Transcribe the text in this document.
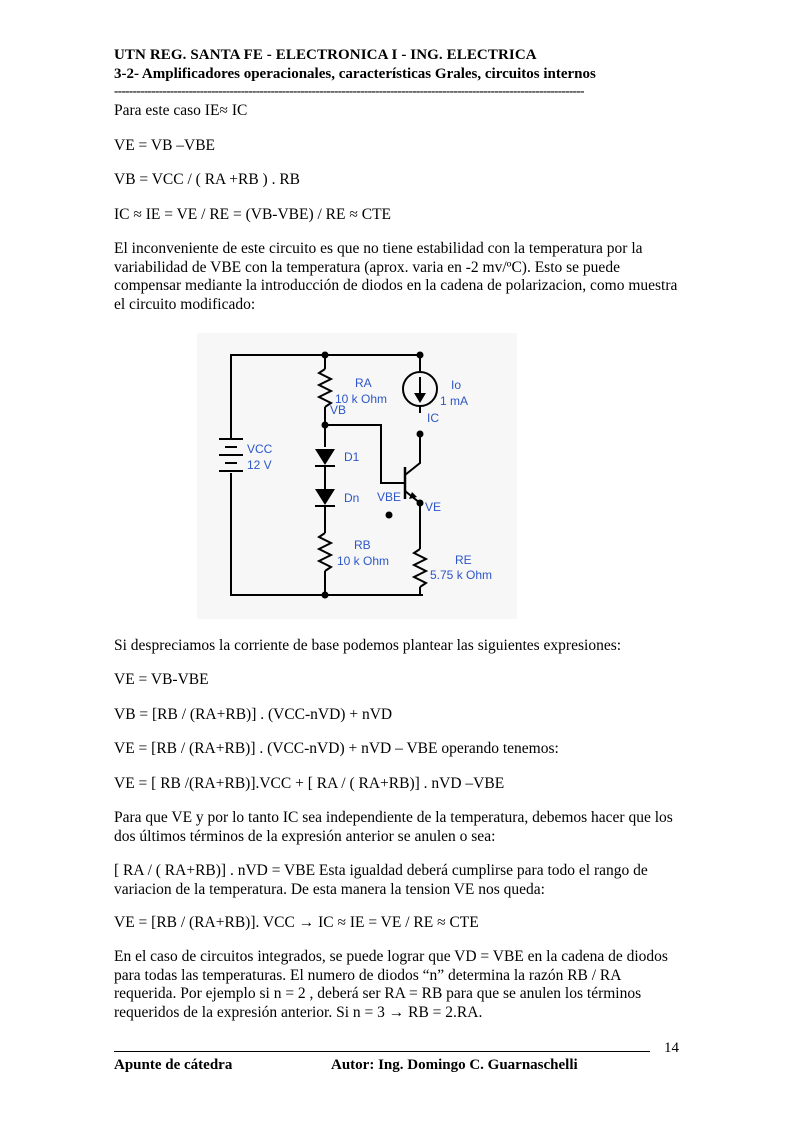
UTN REG. SANTA FE - ELECTRONICA I - ING. ELECTRICA
3-2- Amplificadores operacionales, características Grales, circuitos internos
------------------------------------------------------------------------------------------------------------------------------
Para este caso IE≈ IC
VE = VB –VBE
VB = VCC / ( RA +RB ) . RB
IC ≈ IE = VE / RE = (VB-VBE) / RE ≈ CTE
El inconveniente de este circuito es que no tiene estabilidad con la temperatura por la variabilidad de VBE con la temperatura (aprox. varia en -2 mv/ºC). Esto se puede compensar mediante la introducción de diodos en la cadena de polarizacion, como muestra el circuito modificado:
RA
10 k Ohm
VB
Io
1 mA
IC
VCC
12 V
D1
Dn VBE
VE
RB
10 k Ohm	RE
5.75 k Ohm
Si despreciamos la corriente de base podemos plantear las siguientes expresiones:
VE = VB-VBE
VB = [RB / (RA+RB)] . (VCC-nVD) + nVD
VE = [RB / (RA+RB)] . (VCC-nVD) + nVD – VBE operando tenemos:
VE = [ RB /(RA+RB)].VCC + [ RA / ( RA+RB)] . nVD –VBE
Para que VE y por lo tanto IC sea independiente de la temperatura, debemos hacer que los dos últimos términos de la expresión anterior se anulen o sea:
[ RA / ( RA+RB)] . nVD = VBE Esta igualdad deberá cumplirse para todo el rango de variacion de la temperatura. De esta manera la tension VE nos queda:
VE = [RB / (RA+RB)]. VCC → IC ≈ IE = VE / RE ≈ CTE
En el caso de circuitos integrados, se puede lograr que VD = VBE en la cadena de diodos para todas las temperaturas. El numero de diodos “n” determina la razón RB / RA requerida. Por ejemplo si n = 2 , deberá ser RA = RB para que se anulen los términos requeridos de la expresión anterior. Si n = 3 → RB = 2.RA.
14
Apunte de cátedra	Autor: Ing. Domingo C. Guarnaschelli
